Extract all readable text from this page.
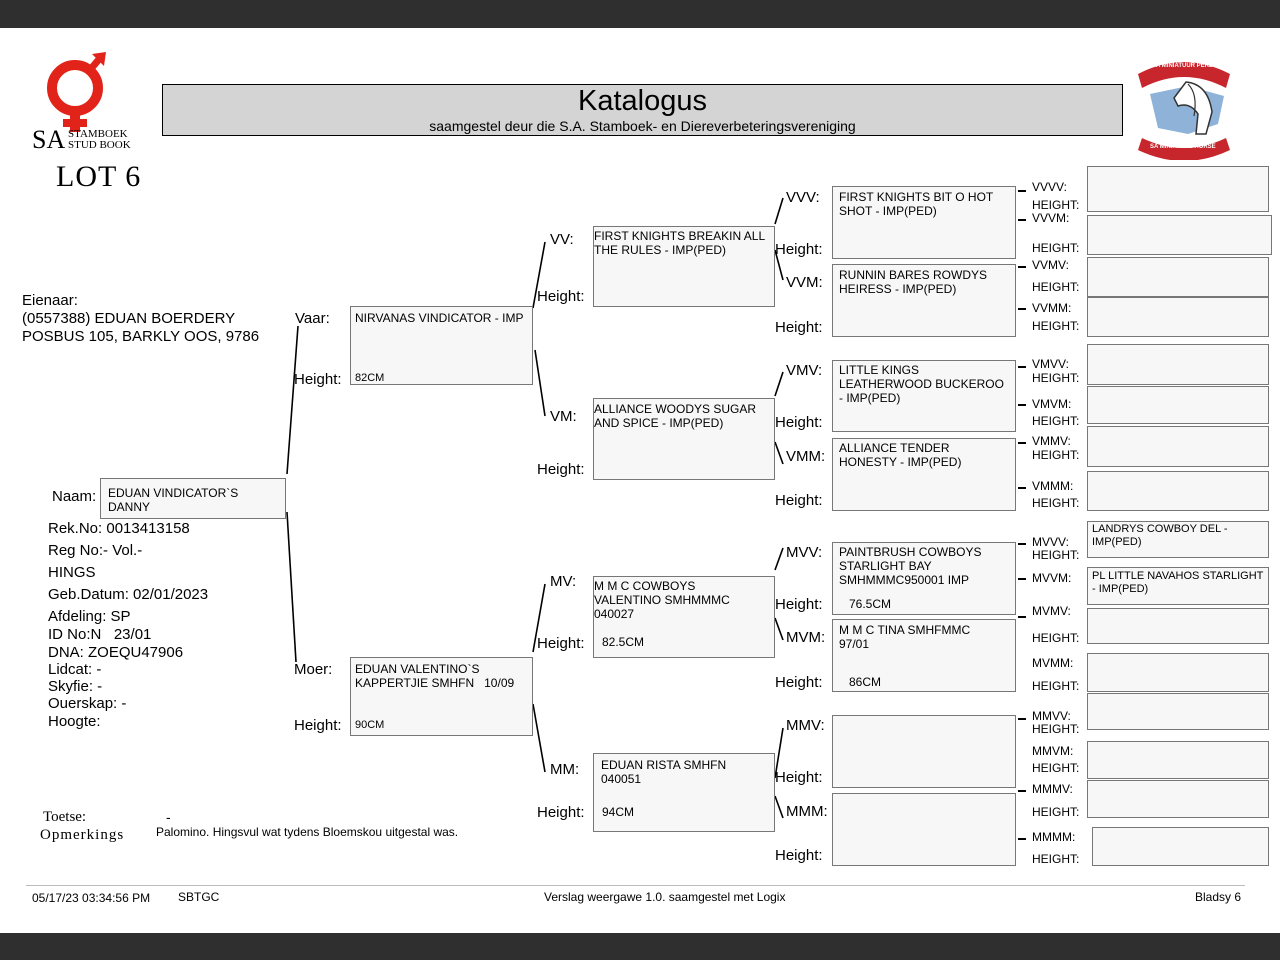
SA STAMBOEK
STUD BOOK
LOT 6
Katalogus
saamgestel deur die S.A. Stamboek- en Diereverbeteringsvereniging
SA MINIATUUR PERD
SA MINIATURE HORSE
Eienaar:
(0557388) EDUAN BOERDERY
POSBUS 105, BARKLY OOS, 9786
Naam: EDUAN VINDICATOR`S DANNY
Rek.No: 0013413158
Reg No:- Vol.-
HINGS
Geb.Datum: 02/01/2023
Afdeling: SP
ID No:N   23/01
DNA: ZOEQU47906
Lidcat: -
Skyfie: -
Ouerskap: -
Hoogte:
Vaar:
Height:
NIRVANAS VINDICATOR - IMP
82CM
Moer:
Height:
EDUAN VALENTINO`S KAPPERTJIE SMHFN   10/09
90CM
VV:
Height:
FIRST KNIGHTS BREAKIN ALL THE RULES - IMP(PED)
VM:
Height:
ALLIANCE WOODYS SUGAR AND SPICE - IMP(PED)
MV:
Height:
M M C COWBOYS VALENTINO SMHMMMC 040027
82.5CM
MM:
Height:
EDUAN RISTA SMHFN 040051
94CM
VVV:
Height:
FIRST KNIGHTS BIT O HOT SHOT - IMP(PED)
VVM:
Height:
RUNNIN BARES ROWDYS HEIRESS - IMP(PED)
VMV:
Height:
LITTLE KINGS LEATHERWOOD BUCKEROO - IMP(PED)
VMM:
Height:
ALLIANCE TENDER HONESTY - IMP(PED)
MVV:
Height:
PAINTBRUSH COWBOYS STARLIGHT BAY SMHMMMC950001 IMP
76.5CM
MVM:
Height:
M M C TINA SMHFMMC 97/01
86CM
MMV:
Height:
MMM:
Height:
VVVV:
HEIGHT:
VVVM:
HEIGHT:
VVMV:
HEIGHT:
VVMM:
HEIGHT:
VMVV:
HEIGHT:
VMVM:
HEIGHT:
VMMV:
HEIGHT:
VMMM:
HEIGHT:
MVVV:
HEIGHT:
LANDRYS COWBOY DEL - IMP(PED)
MVVM: PL LITTLE NAVAHOS STARLIGHT - IMP(PED)
MVMV:
HEIGHT:
MVMM:
HEIGHT:
MMVV:
HEIGHT:
MMVM:
HEIGHT:
MMMV:
HEIGHT:
MMMM:
HEIGHT:
Toetse:	-
Opmerkings	Palomino. Hingsvul wat tydens Bloemskou uitgestal was.
05/17/23 03:34:56 PM SBTGC	Verslag weergawe 1.0. saamgestel met Logix	Bladsy 6
